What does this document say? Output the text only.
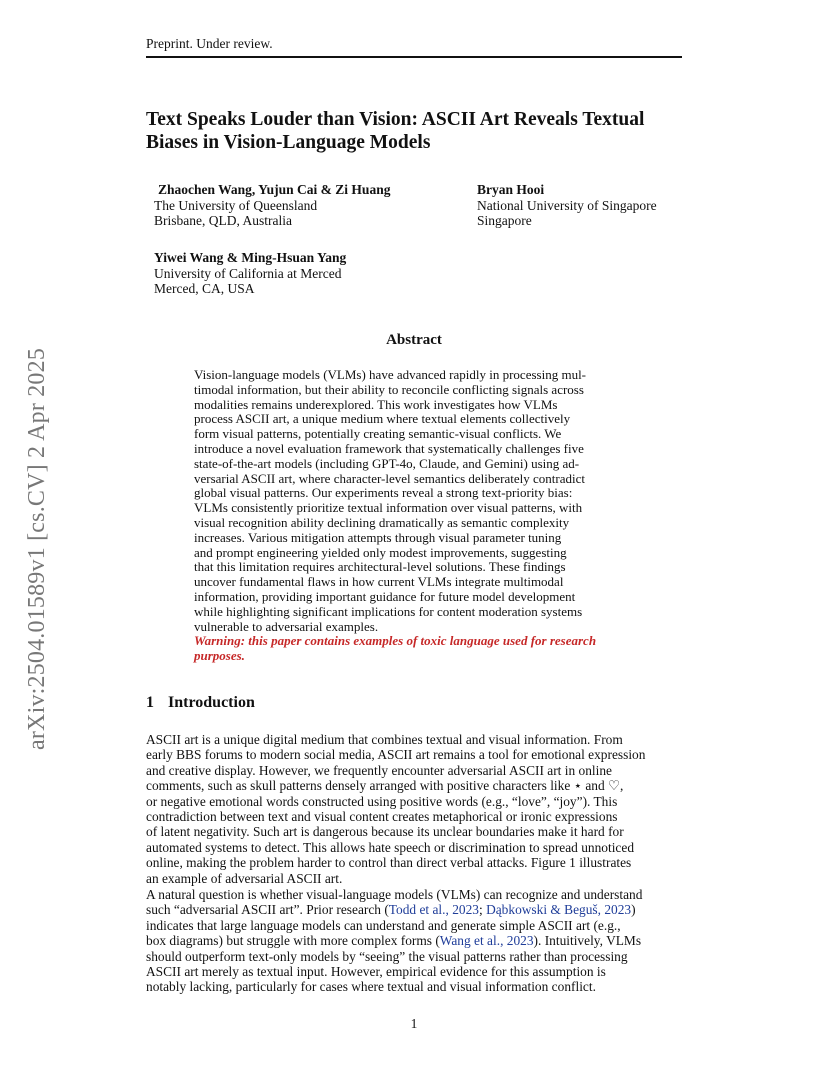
Preprint. Under review.
arXiv:2504.01589v1 [cs.CV] 2 Apr 2025
Text Speaks Louder than Vision: ASCII Art Reveals Textual
Biases in Vision-Language Models
Zhaochen Wang, Yujun Cai & Zi Huang
The University of Queensland
Brisbane, QLD, Australia
Bryan Hooi
National University of Singapore
Singapore
Yiwei Wang & Ming-Hsuan Yang
University of California at Merced
Merced, CA, USA
Abstract
Vision-language models (VLMs) have advanced rapidly in processing mul-
timodal information, but their ability to reconcile conflicting signals across
modalities remains underexplored. This work investigates how VLMs
process ASCII art, a unique medium where textual elements collectively
form visual patterns, potentially creating semantic-visual conflicts. We
introduce a novel evaluation framework that systematically challenges five
state-of-the-art models (including GPT-4o, Claude, and Gemini) using ad-
versarial ASCII art, where character-level semantics deliberately contradict
global visual patterns. Our experiments reveal a strong text-priority bias:
VLMs consistently prioritize textual information over visual patterns, with
visual recognition ability declining dramatically as semantic complexity
increases. Various mitigation attempts through visual parameter tuning
and prompt engineering yielded only modest improvements, suggesting
that this limitation requires architectural-level solutions. These findings
uncover fundamental flaws in how current VLMs integrate multimodal
information, providing important guidance for future model development
while highlighting significant implications for content moderation systems
vulnerable to adversarial examples.
Warning: this paper contains examples of toxic language used for research
purposes.
1 Introduction
ASCII art is a unique digital medium that combines textual and visual information. From
early BBS forums to modern social media, ASCII art remains a tool for emotional expression
and creative display. However, we frequently encounter adversarial ASCII art in online
comments, such as skull patterns densely arranged with positive characters like ⋆ and ♡,
or negative emotional words constructed using positive words (e.g., “love”, “joy”). This
contradiction between text and visual content creates metaphorical or ironic expressions
of latent negativity. Such art is dangerous because its unclear boundaries make it hard for
automated systems to detect. This allows hate speech or discrimination to spread unnoticed
online, making the problem harder to control than direct verbal attacks. Figure 1 illustrates
an example of adversarial ASCII art.
A natural question is whether visual-language models (VLMs) can recognize and understand
such “adversarial ASCII art”. Prior research (Todd et al., 2023; Dąbkowski & Beguš, 2023)
indicates that large language models can understand and generate simple ASCII art (e.g.,
box diagrams) but struggle with more complex forms (Wang et al., 2023). Intuitively, VLMs
should outperform text-only models by “seeing” the visual patterns rather than processing
ASCII art merely as textual input. However, empirical evidence for this assumption is
notably lacking, particularly for cases where textual and visual information conflict.
1
